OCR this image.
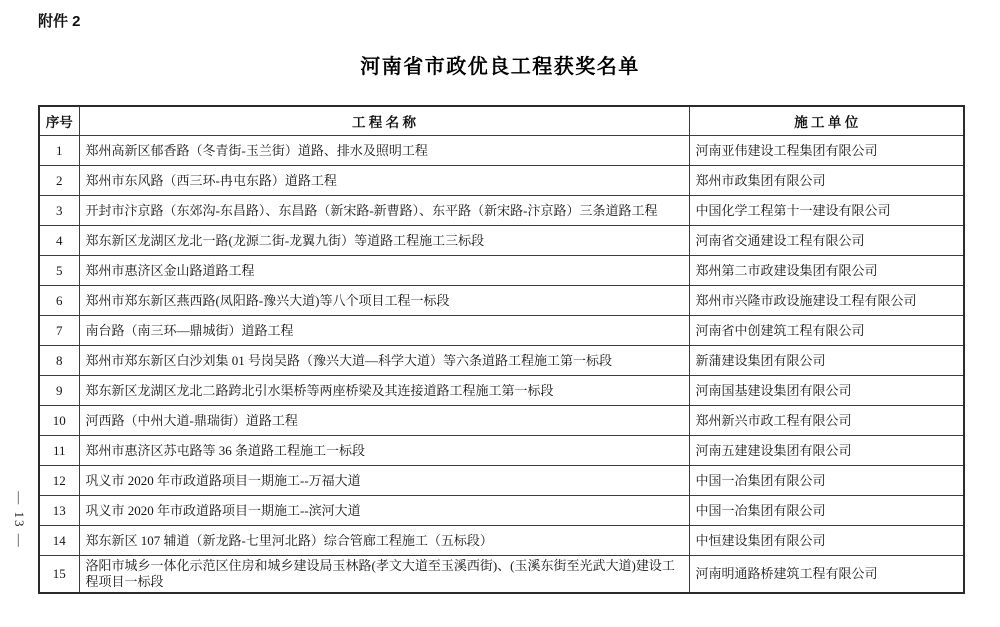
附件 2
河南省市政优良工程获奖名单
序号	工 程 名 称	施 工 单 位
1	郑州高新区郁香路（冬青街-玉兰街）道路、排水及照明工程	河南亚伟建设工程集团有限公司
2	郑州市东风路（西三环-冉屯东路）道路工程	郑州市政集团有限公司
3	开封市汴京路（东郊沟-东昌路）、东昌路（新宋路-新曹路）、东平路（新宋路-汴京路）三条道路工程	中国化学工程第十一建设有限公司
4	郑东新区龙湖区龙北一路(龙源二街-龙翼九街）等道路工程施工三标段	河南省交通建设工程有限公司
5	郑州市惠济区金山路道路工程	郑州第二市政建设集团有限公司
6	郑州市郑东新区燕西路(凤阳路-豫兴大道)等八个项目工程一标段	郑州市兴隆市政设施建设工程有限公司
7	南台路（南三环—鼎城街）道路工程	河南省中创建筑工程有限公司
8	郑州市郑东新区白沙刘集 01 号岗吴路（豫兴大道—科学大道）等六条道路工程施工第一标段	新蒲建设集团有限公司
9	郑东新区龙湖区龙北二路跨北引水渠桥等两座桥梁及其连接道路工程施工第一标段	河南国基建设集团有限公司
10	河西路（中州大道-鼎瑞街）道路工程	郑州新兴市政工程有限公司
11	郑州市惠济区苏屯路等 36 条道路工程施工一标段	河南五建建设集团有限公司
12	巩义市 2020 年市政道路项目一期施工--万福大道	中国一冶集团有限公司
13	巩义市 2020 年市政道路项目一期施工--滨河大道	中国一冶集团有限公司
14	郑东新区 107 辅道（新龙路-七里河北路）综合管廊工程施工（五标段）	中恒建设集团有限公司
15	洛阳市城乡一体化示范区住房和城乡建设局玉林路(孝文大道至玉溪西街)、(玉溪东街至光武大道)建设工程项目一标段	河南明通路桥建筑工程有限公司
— 13 —
